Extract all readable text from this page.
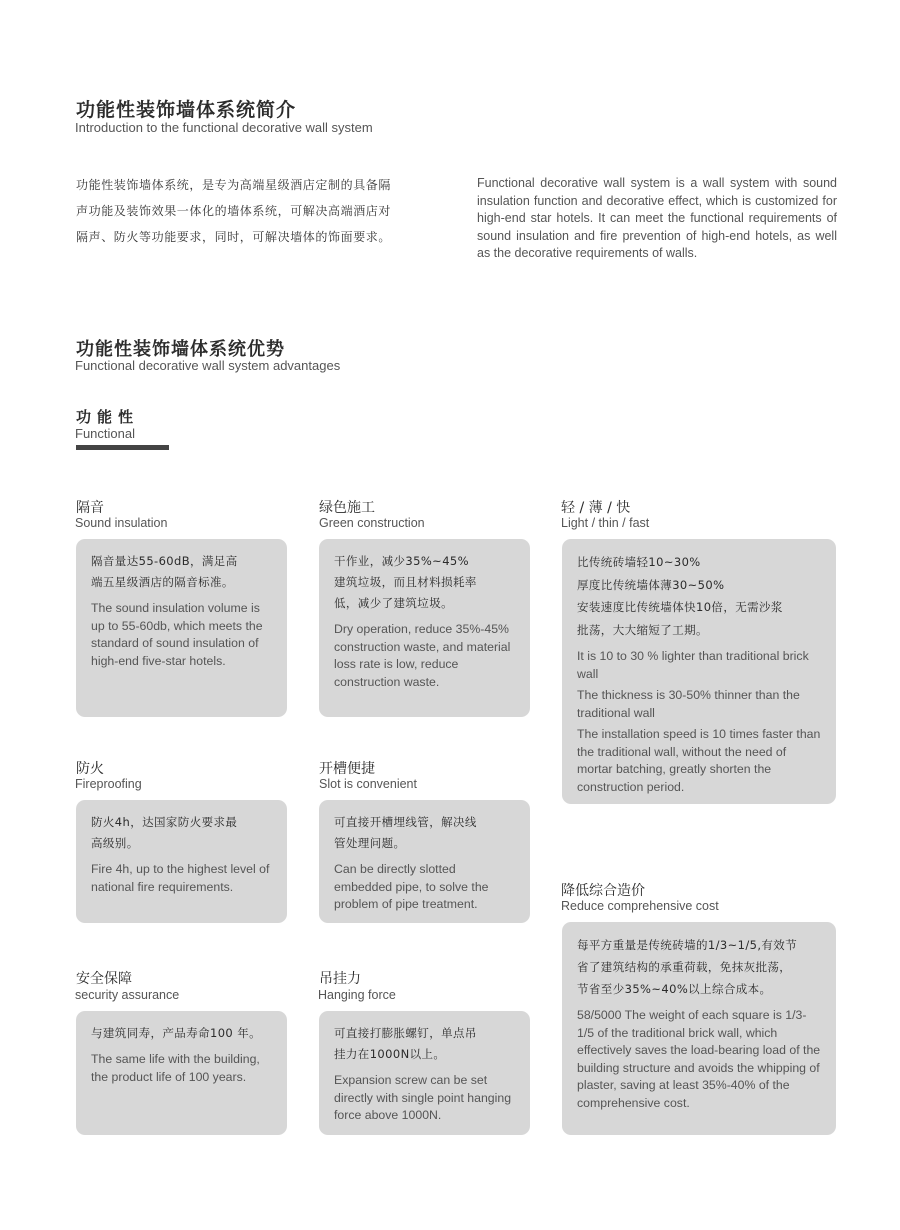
功能性装饰墙体系统简介
Introduction to the functional decorative wall system
功能性装饰墙体系统，是专为高端星级酒店定制的具备隔
声功能及装饰效果一体化的墙体系统，可解决高端酒店对
隔声、防火等功能要求，同时，可解决墙体的饰面要求。
Functional decorative wall system is a wall system with sound insulation function and decorative effect, which is customized for high-end star hotels. It can meet the functional requirements of sound insulation and fire prevention of high-end hotels, as well as the decorative requirements of walls.
功能性装饰墙体系统优势
Functional decorative wall system advantages
功能性
Functional
隔音
Sound insulation
隔音量达55-60dB，满足高
端五星级酒店的隔音标准。
The sound insulation volume is up to 55-60db, which meets the standard of sound insulation of high-end five-star hotels.
防火
Fireproofing
防火4h，达国家防火要求最
高级别。
Fire 4h, up to the highest level of national fire requirements.
安全保障
security assurance
与建筑同寿，产品寿命100 年。
The same life with the building, the product life of 100 years.
绿色施工
Green construction
干作业，减少35%~45%
建筑垃圾，而且材料损耗率
低，减少了建筑垃圾。
Dry operation, reduce 35%-45% construction waste, and material loss rate is low, reduce construction waste.
开槽便捷
Slot is convenient
可直接开槽埋线管，解决线
管处理问题。
Can be directly slotted embedded pipe, to solve the problem of pipe treatment.
吊挂力
Hanging force
可直接打膨胀螺钉，单点吊
挂力在1000N以上。
Expansion screw can be set directly with single point hanging force above 1000N.
轻 / 薄 / 快
Light / thin / fast
比传统砖墙轻10~30%
厚度比传统墙体薄30~50%
安装速度比传统墙体快10倍，无需沙浆
批荡，大大缩短了工期。
It is 10 to 30 % lighter than traditional brick wall
The thickness is 30-50% thinner than the traditional wall
The installation speed is 10 times faster than the traditional wall, without the need of mortar batching, greatly shorten the construction period.
降低综合造价
Reduce comprehensive cost
每平方重量是传统砖墙的1/3~1/5,有效节
省了建筑结构的承重荷载，免抹灰批荡，
节省至少35%~40%以上综合成本。
58/5000 The weight of each square is 1/3-1/5 of the traditional brick wall, which effectively saves the load-bearing load of the building structure and avoids the whipping of plaster, saving at least 35%-40% of the comprehensive cost.
